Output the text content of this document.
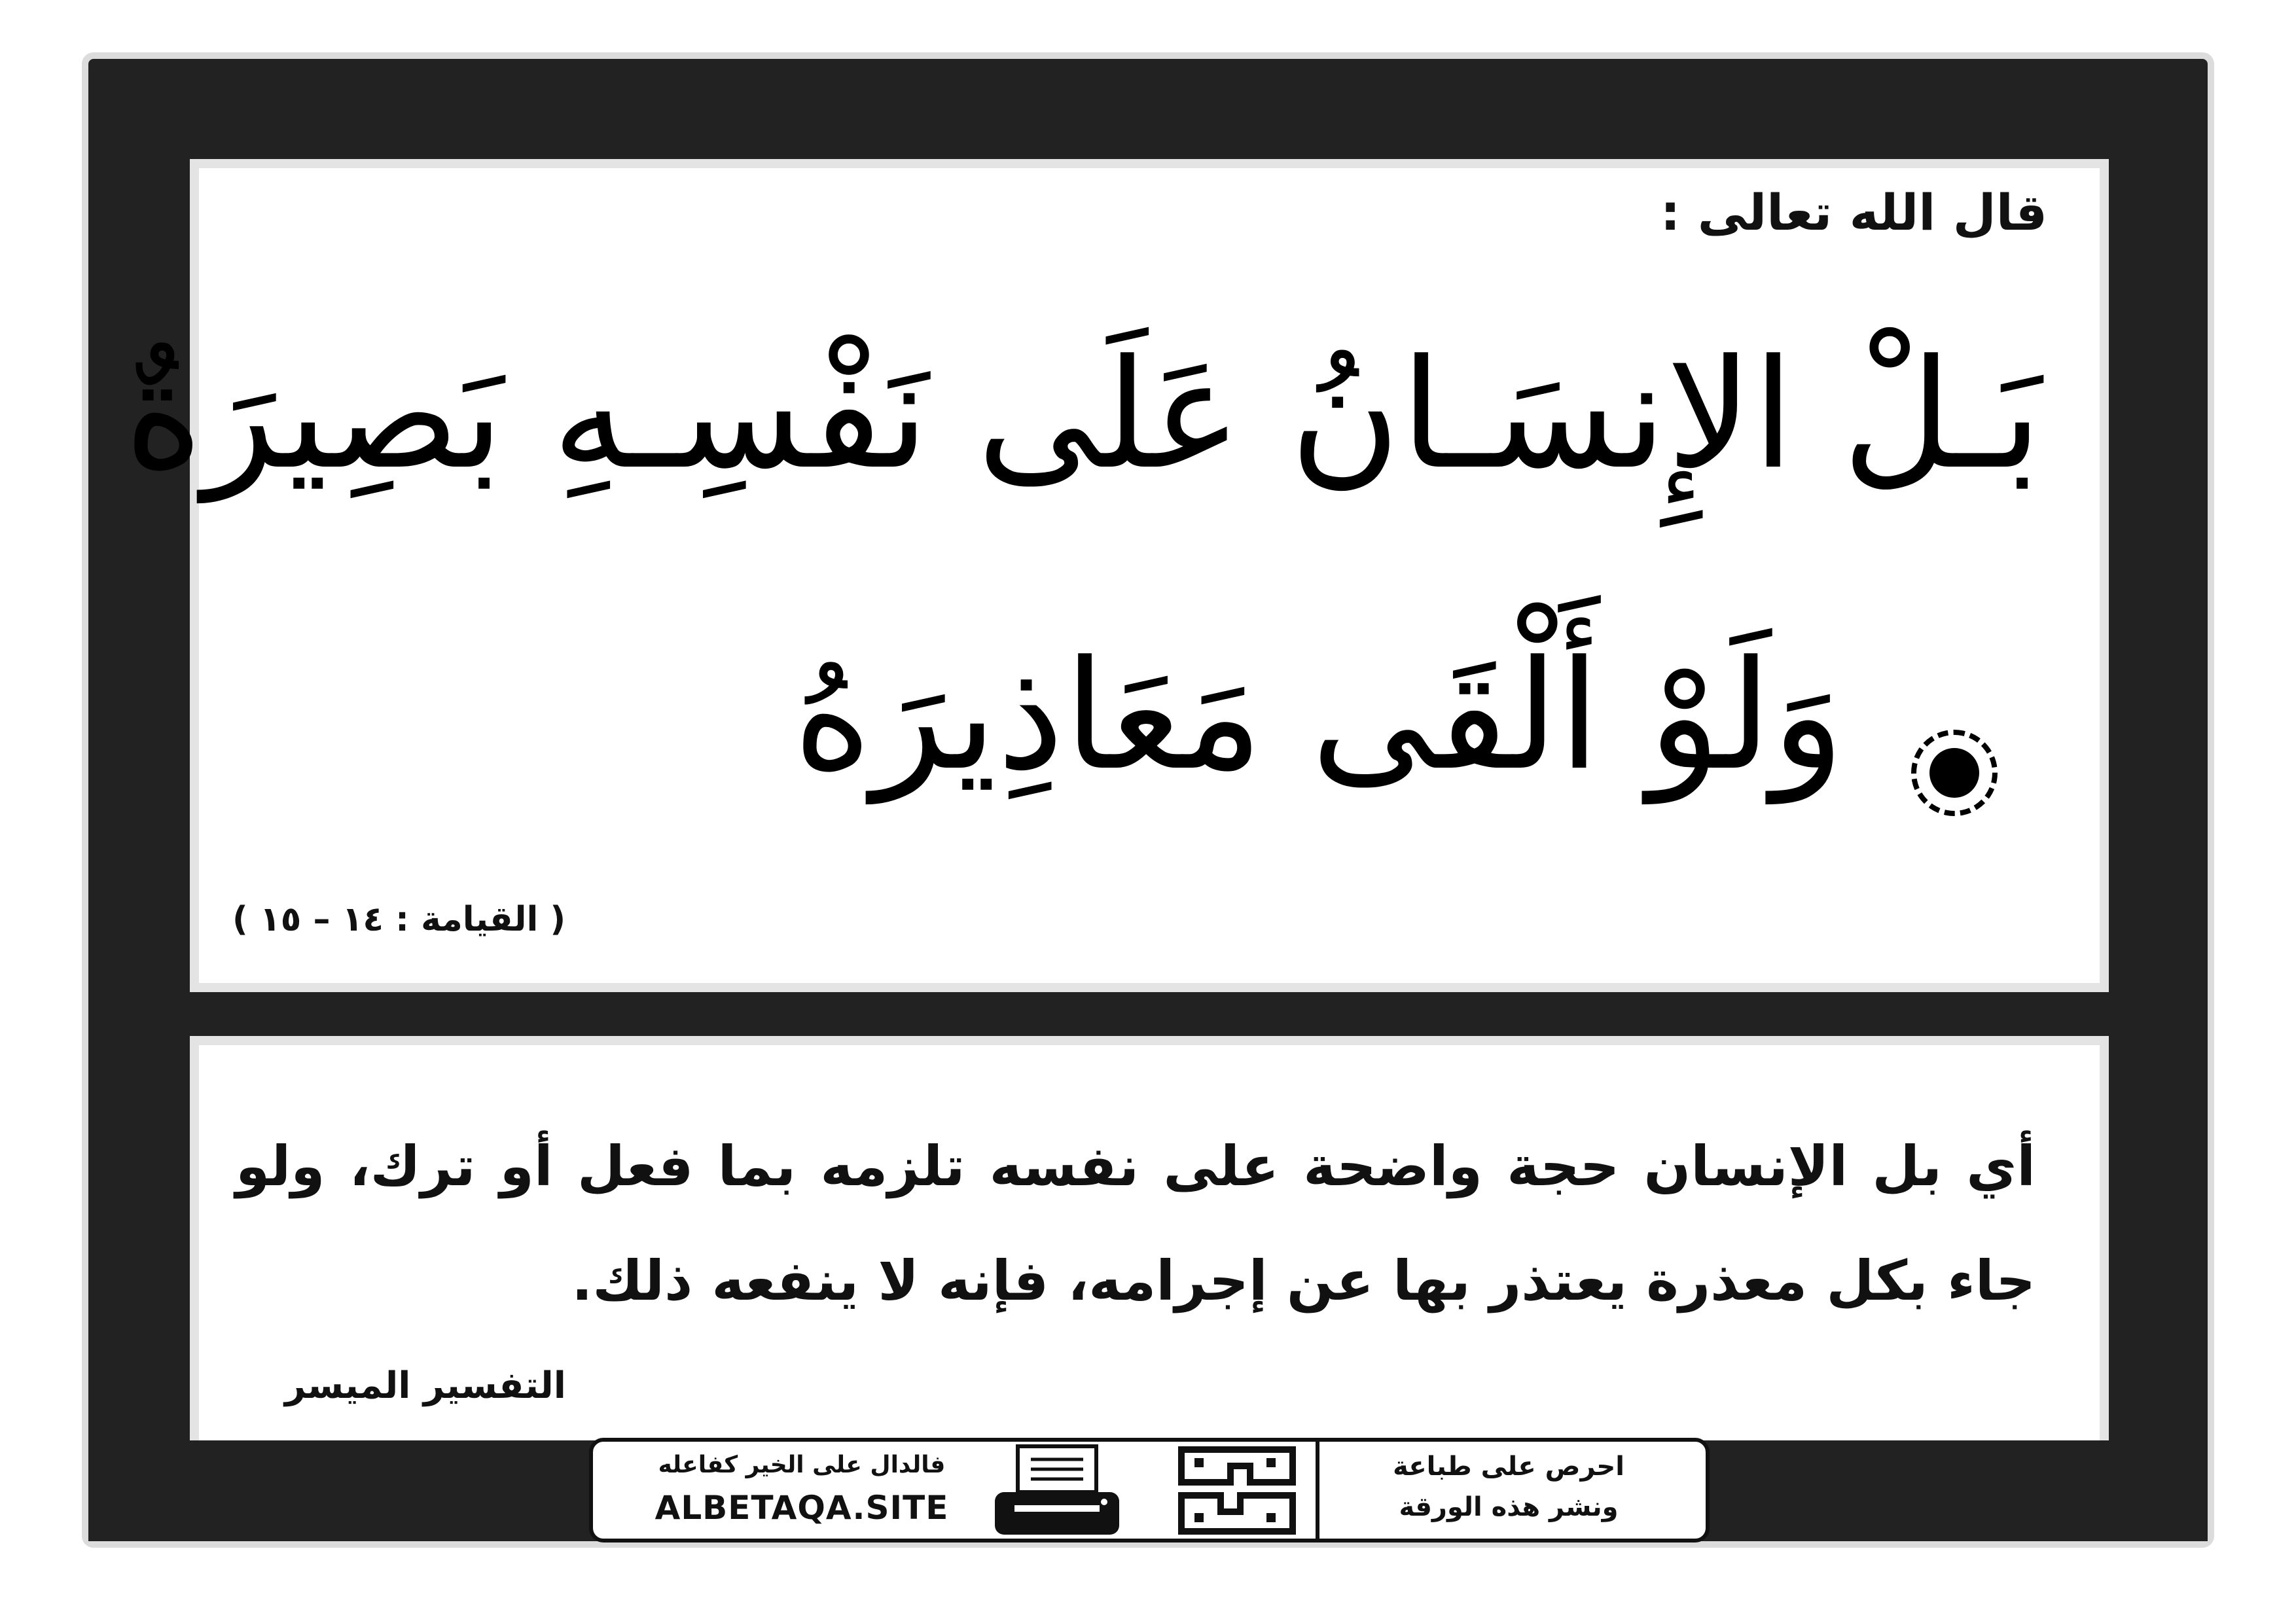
قال الله تعالى :
بَـلْ الإِنسَـانُ عَلَى نَفْسِـهِ بَصِيرَةٌ
وَلَوْ أَلْقَى مَعَاذِيرَهُ
( القيامة : ١٤ – ١٥ )
أي بل الإنسان حجة واضحة على نفسه تلزمه بما فعل أو ترك، ولو جاء بكل معذرة يعتذر بها عن إجرامه، فإنه لا ينفعه ذلك.
التفسير الميسر
فالدال على الخير كفاعله
ALBETAQA.SITE
احرص على طباعة
ونشر هذه الورقة
